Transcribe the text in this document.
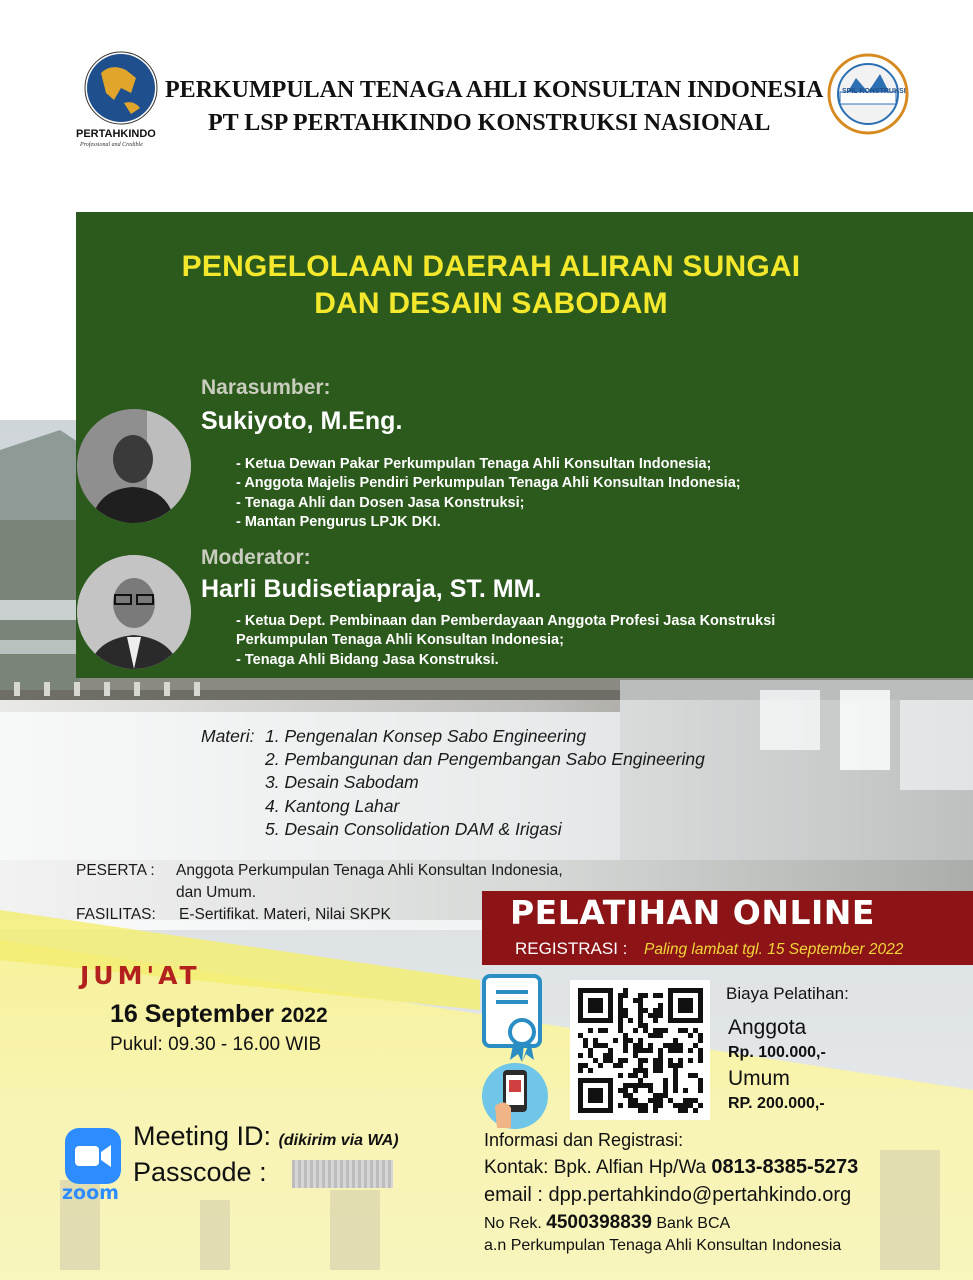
PERTAHKINDO
Professional and Credible
PERKUMPULAN TENAGA AHLI KONSULTAN INDONESIA
PT LSP PERTAHKINDO KONSTRUKSI NASIONAL
SPIL KONSTRUKSI
PENGELOLAAN DAERAH ALIRAN SUNGAI
DAN DESAIN SABODAM
Narasumber:
Sukiyoto, M.Eng.
- Ketua Dewan Pakar Perkumpulan Tenaga Ahli Konsultan Indonesia;
- Anggota Majelis Pendiri Perkumpulan Tenaga Ahli Konsultan Indonesia;
- Tenaga Ahli dan Dosen Jasa Konstruksi;
- Mantan Pengurus LPJK DKI.
Moderator:
Harli Budisetiapraja, ST. MM.
- Ketua Dept. Pembinaan dan Pemberdayaan Anggota Profesi Jasa Konstruksi
Perkumpulan Tenaga Ahli Konsultan Indonesia;
- Tenaga Ahli Bidang Jasa Konstruksi.
Materi: 1. Pengenalan Konsep Sabo Engineering
2. Pembangunan dan Pengembangan Sabo Engineering
3. Desain Sabodam
4. Kantong Lahar
5. Desain Consolidation DAM & Irigasi
PESERTA : Anggota Perkumpulan Tenaga Ahli Konsultan Indonesia,
dan Umum.
FASILITAS: E-Sertifikat. Materi, Nilai SKPK	PELATIHAN ONLINE
REGISTRASI : Paling lambat tgl. 15 September 2022
JUM'AT
16 September 2022
Pukul: 09.30 - 16.00 WIB
zoom
Meeting ID: (dikirim via WA)
Passcode :
Biaya Pelatihan:
Anggota
Rp. 100.000,-
Umum
RP. 200.000,-
Informasi dan Registrasi:
Kontak: Bpk. Alfian Hp/Wa 0813-8385-5273
email : dpp.pertahkindo@pertahkindo.org
No Rek. 4500398839 Bank BCA
a.n Perkumpulan Tenaga Ahli Konsultan Indonesia
